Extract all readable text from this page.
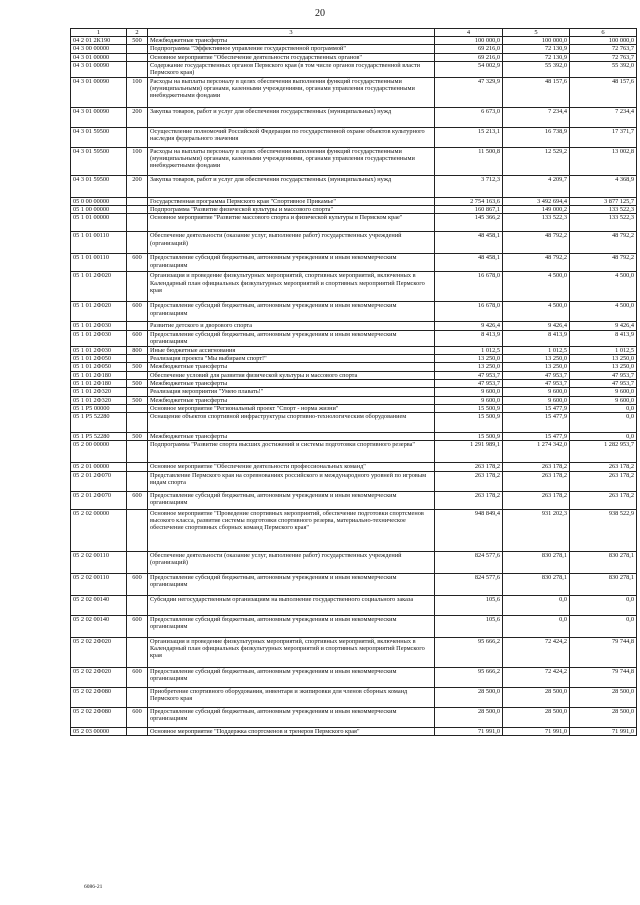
20
1	2	3	4	5	6
04 2 01 2К190	500	Межбюджетные трансферты	100 000,0	100 000,0	100 000,0
04 3 00 00000		Подпрограмма "Эффективное управление государственной программой"	69 216,0	72 130,9	72 763,7
04 3 01 00000		Основное мероприятие "Обеспечение деятельности государственных органов"	69 216,0	72 130,9	72 763,7
04 3 01 00090		Содержание государственных органов Пермского края (в том числе органов государственной власти Пермского края)	54 002,9	55 392,0	55 392,0
04 3 01 00090	100	Расходы на выплаты персоналу в целях обеспечения выполнения функций государственными (муниципальными) органами, казенными учреждениями, органами управления государственными внебюджетными фондами	47 329,9	48 157,6	48 157,6
04 3 01 00090	200	Закупка товаров, работ и услуг для обеспечения государственных (муниципальных) нужд	6 673,0	7 234,4	7 234,4
04 3 01 59500		Осуществление полномочий Российской Федерации по государственной охране объектов культурного наследия федерального значения	15 213,1	16 738,9	17 371,7
04 3 01 59500	100	Расходы на выплаты персоналу в целях обеспечения выполнения функций государственными (муниципальными) органами, казенными учреждениями, органами управления государственными внебюджетными фондами	11 500,8	12 529,2	13 002,8
04 3 01 59500	200	Закупка товаров, работ и услуг для обеспечения государственных (муниципальных) нужд	3 712,3	4 209,7	4 368,9
05 0 00 00000		Государственная программа Пермского края "Спортивное Прикамье"	2 754 163,6	3 492 694,4	3 877 125,7
05 1 00 00000		Подпрограмма "Развитие физической культуры и массового спорта"	160 867,1	149 000,2	133 522,3
05 1 01 00000		Основное мероприятие "Развитие массового спорта и физической культуры в Пермском крае"	145 366,2	133 522,3	133 522,3
05 1 01 00110		Обеспечение деятельности (оказание услуг, выполнение работ) государственных учреждений (организаций)	48 458,1	48 792,2	48 792,2
05 1 01 00110	600	Предоставление субсидий бюджетным, автономным учреждениям и иным некоммерческим организациям	48 458,1	48 792,2	48 792,2
05 1 01 2Ф020		Организация и проведение физкультурных мероприятий, спортивных мероприятий, включенных в Календарный план официальных физкультурных мероприятий и спортивных мероприятий Пермского края	16 678,0	4 500,0	4 500,0
05 1 01 2Ф020	600	Предоставление субсидий бюджетным, автономным учреждениям и иным некоммерческим организациям	16 678,0	4 500,0	4 500,0
05 1 01 2Ф030		Развитие детского и дворового спорта	9 426,4	9 426,4	9 426,4
05 1 01 2Ф030	600	Предоставление субсидий бюджетным, автономным учреждениям и иным некоммерческим организациям	8 413,9	8 413,9	8 413,9
05 1 01 2Ф030	800	Иные бюджетные ассигнования	1 012,5	1 012,5	1 012,5
05 1 01 2Ф050		Реализация проекта "Мы выбираем спорт!"	13 250,0	13 250,0	13 250,0
05 1 01 2Ф050	500	Межбюджетные трансферты	13 250,0	13 250,0	13 250,0
05 1 01 2Ф180		Обеспечение условий для развития физической культуры и массового спорта	47 953,7	47 953,7	47 953,7
05 1 01 2Ф180	500	Межбюджетные трансферты	47 953,7	47 953,7	47 953,7
05 1 01 2Ф320		Реализация мероприятия "Умею плавать!"	9 600,0	9 600,0	9 600,0
05 1 01 2Ф320	500	Межбюджетные трансферты	9 600,0	9 600,0	9 600,0
05 1 P5 00000		Основное мероприятие "Региональный проект "Спорт - норма жизни"	15 500,9	15 477,9	0,0
05 1 P5 52280		Оснащение объектов спортивной инфраструктуры спортивно-технологическим оборудованием	15 500,9	15 477,9	0,0
05 1 P5 52280	500	Межбюджетные трансферты	15 500,9	15 477,9	0,0
05 2 00 00000		Подпрограмма "Развитие спорта высших достижений и системы подготовки спортивного резерва"	1 291 989,1	1 274 342,0	1 282 953,7
05 2 01 00000		Основное мероприятие "Обеспечение деятельности профессиональных команд"	263 178,2	263 178,2	263 178,2
05 2 01 2Ф070		Представление Пермского края на соревнованиях российского и международного уровней по игровым видам спорта	263 178,2	263 178,2	263 178,2
05 2 01 2Ф070	600	Предоставление субсидий бюджетным, автономным учреждениям и иным некоммерческим организациям	263 178,2	263 178,2	263 178,2
05 2 02 00000		Основное мероприятие "Проведение спортивных мероприятий, обеспечение подготовки спортсменов высокого класса, развитие системы подготовки спортивного резерва, материально-техническое обеспечение спортивных сборных команд Пермского края"	948 849,4	931 202,3	938 522,9
05 2 02 00110		Обеспечение деятельности (оказание услуг, выполнение работ) государственных учреждений (организаций)	824 577,6	830 278,1	830 278,1
05 2 02 00110	600	Предоставление субсидий бюджетным, автономным учреждениям и иным некоммерческим организациям	824 577,6	830 278,1	830 278,1
05 2 02 00140		Субсидии негосударственным организациям на выполнение государственного социального заказа	105,6	0,0	0,0
05 2 02 00140	600	Предоставление субсидий бюджетным, автономным учреждениям и иным некоммерческим организациям	105,6	0,0	0,0
05 2 02 2Ф020		Организация и проведение физкультурных мероприятий, спортивных мероприятий, включенных в Календарный план официальных физкультурных мероприятий и спортивных мероприятий Пермского края	95 666,2	72 424,2	79 744,8
05 2 02 2Ф020	600	Предоставление субсидий бюджетным, автономным учреждениям и иным некоммерческим организациям	95 666,2	72 424,2	79 744,8
05 2 02 2Ф080		Приобретение спортивного оборудования, инвентаря и экипировки для членов сборных команд Пермского края	28 500,0	28 500,0	28 500,0
05 2 02 2Ф080	600	Предоставление субсидий бюджетным, автономным учреждениям и иным некоммерческим организациям	28 500,0	28 500,0	28 500,0
05 2 03 00000		Основное мероприятие "Поддержка спортсменов и тренеров Пермского края"	71 991,0	71 991,0	71 991,0
6086-21
